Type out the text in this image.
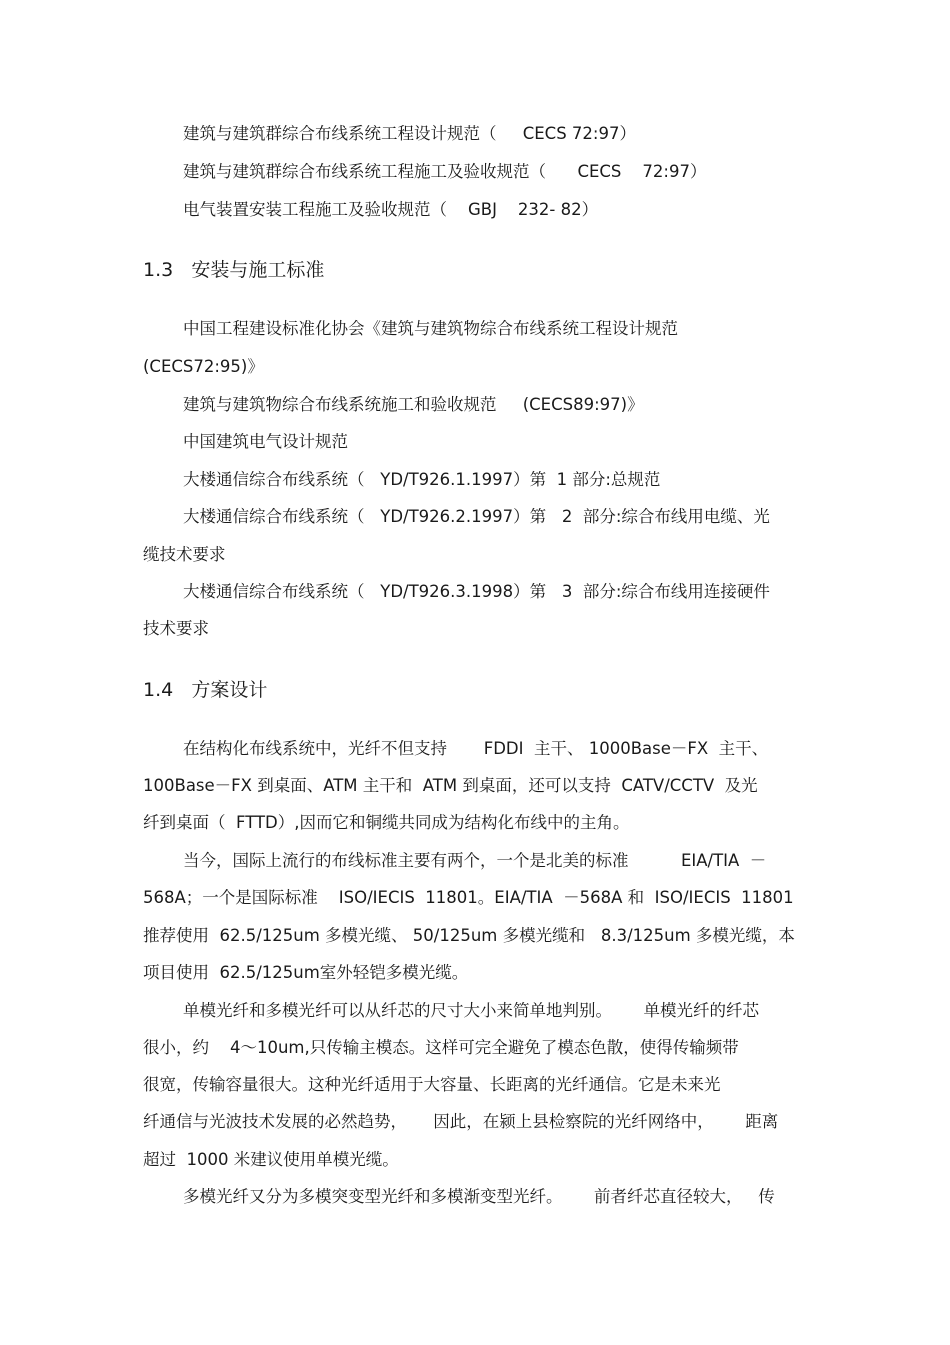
建筑与建筑群综合布线系统工程设计规范（     CECS 72:97）
建筑与建筑群综合布线系统工程施工及验收规范（      CECS    72:97）
电气装置安装工程施工及验收规范（    GBJ    232- 82）
1.3   安装与施工标准
中国工程建设标准化协会《建筑与建筑物综合布线系统工程设计规范
(CECS72:95)》
建筑与建筑物综合布线系统施工和验收规范     (CECS89:97)》
中国建筑电气设计规范
大楼通信综合布线系统（   YD/T926.1.1997）第  1 部分:总规范
大楼通信综合布线系统（   YD/T926.2.1997）第   2  部分:综合布线用电缆、光
缆技术要求
大楼通信综合布线系统（   YD/T926.3.1998）第   3  部分:综合布线用连接硬件
技术要求
1.4   方案设计
在结构化布线系统中，光纤不但支持       FDDI  主干、 1000Base－FX  主干、
100Base－FX 到桌面、ATM 主干和  ATM 到桌面，还可以支持  CATV/CCTV  及光
纤到桌面（  FTTD）,因而它和铜缆共同成为结构化布线中的主角。
当今，国际上流行的布线标准主要有两个，一个是北美的标准          EIA/TIA  －
568A；一个是国际标准    ISO/IECIS  11801。EIA/TIA  －568A 和  ISO/IECIS  11801
推荐使用  62.5/125um 多模光缆、 50/125um 多模光缆和   8.3/125um 多模光缆，本
项目使用  62.5/125um室外轻铠多模光缆。
单模光纤和多模光纤可以从纤芯的尺寸大小来简单地判别。      单模光纤的纤芯
很小，约    4～10um,只传输主模态。这样可完全避免了模态色散，使得传输频带
很宽，传输容量很大。这种光纤适用于大容量、长距离的光纤通信。它是未来光
纤通信与光波技术发展的必然趋势，     因此，在颍上县检察院的光纤网络中，      距离
超过  1000 米建议使用单模光缆。
多模光纤又分为多模突变型光纤和多模渐变型光纤。      前者纤芯直径较大，   传
